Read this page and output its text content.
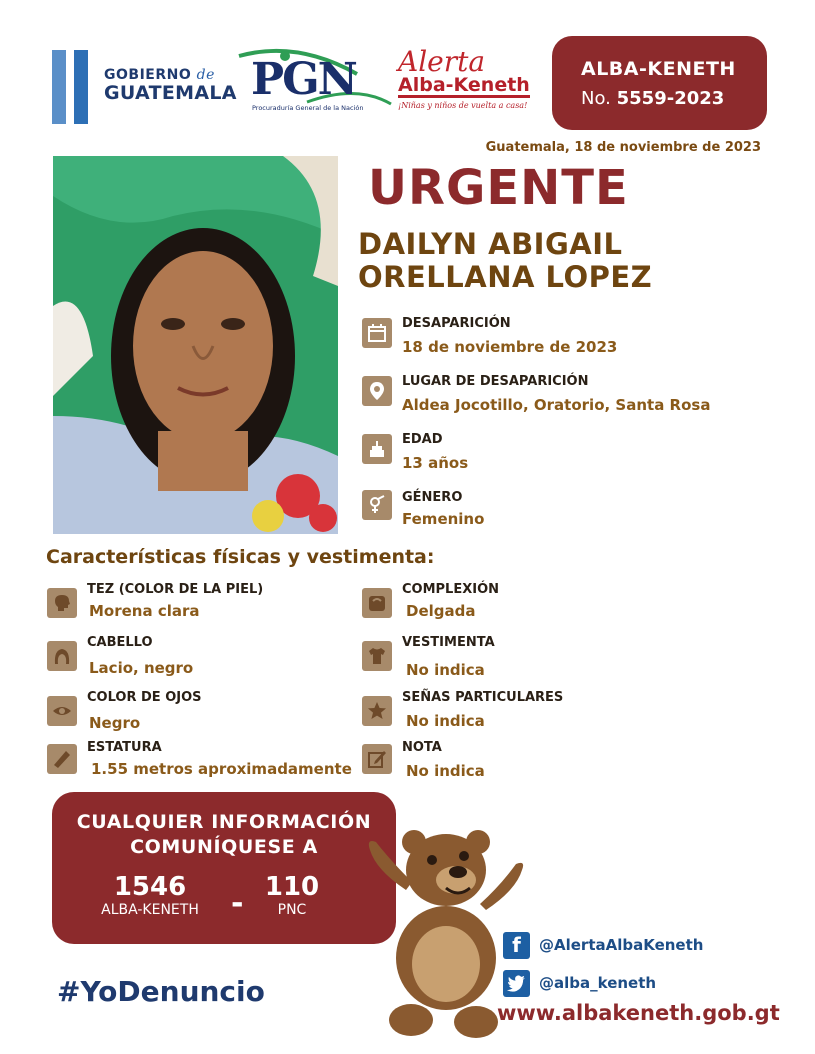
GOBIERNO de
GUATEMALA PGN
Procuraduría General de la Nación
Alerta
Alba-Keneth
¡Niñas y niños de vuelta a casa!
ALBA-KENETH
No. 5559-2023
Guatemala, 18 de noviembre de 2023
URGENTE
DAILYN ABIGAIL
ORELLANA LOPEZ
DESAPARICIÓN
18 de noviembre de 2023
LUGAR DE DESAPARICIÓN
Aldea Jocotillo, Oratorio, Santa Rosa
EDAD
13 años
GÉNERO
Femenino
Características físicas y vestimenta:
TEZ (COLOR DE LA PIEL)
Morena clara
CABELLO
Lacio, negro
COLOR DE OJOS
Negro
ESTATURA
1.55 metros aproximadamente
COMPLEXIÓN
Delgada
VESTIMENTA
No indica
SEÑAS PARTICULARES
No indica
NOTA
No indica
CUALQUIER INFORMACIÓN
COMUNÍQUESE A
1546
ALBA-KENETH	- 110
PNC
#YoDenuncio
f	@AlertaAlbaKeneth
@alba_keneth
www.albakeneth.gob.gt
